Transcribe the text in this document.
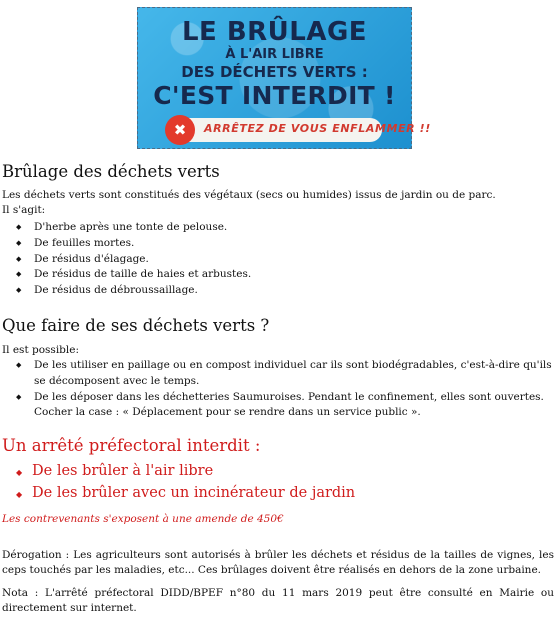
LE BRÛLAGE
À L'AIR LIBRE
DES DÉCHETS VERTS :
C'EST INTERDIT !
✖	ARRÊTEZ DE VOUS ENFLAMMER !!
Brûlage des déchets verts
Les déchets verts sont constitués des végétaux (secs ou humides) issus de jardin ou de parc.
Il s'agit:
◆ D'herbe après une tonte de pelouse.
◆ De feuilles mortes.
◆ De résidus d'élagage.
◆ De résidus de taille de haies et arbustes.
◆ De résidus de débroussaillage.
Que faire de ses déchets verts ?
Il est possible:
◆ De les utiliser en paillage ou en compost individuel car ils sont biodégradables, c'est-à-dire qu'ils se décomposent avec le temps.
◆ De les déposer dans les déchetteries Saumuroises. Pendant le confinement, elles sont ouvertes. Cocher la case : « Déplacement pour se rendre dans un service public ».
Un arrêté préfectoral interdit :
◆ De les brûler à l'air libre
◆ De les brûler avec un incinérateur de jardin
Les contrevenants s'exposent à une amende de 450€
Dérogation : Les agriculteurs sont autorisés à brûler les déchets et résidus de la tailles de vignes, les ceps touchés par les maladies, etc... Ces brûlages doivent être réalisés en dehors de la zone urbaine.
Nota : L'arrêté préfectoral DIDD/BPEF n°80 du 11 mars 2019 peut être consulté en Mairie ou directement sur internet.
